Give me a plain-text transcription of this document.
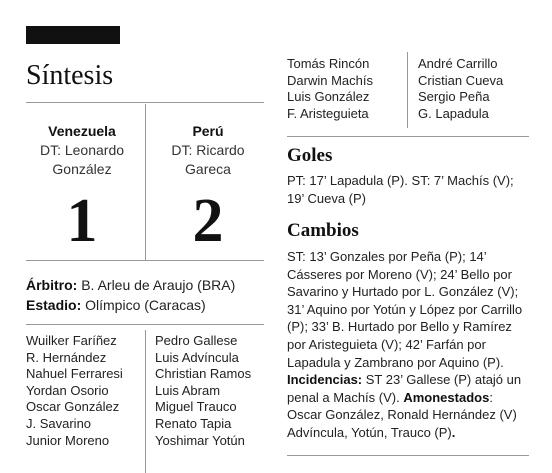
Síntesis
Venezuela
DT: Leonardo
González
Perú
DT: Ricardo
Gareca
1	2
Árbitro: B. Arleu de Araujo (BRA)
Estadio: Olímpico (Caracas)
Wuilker Faríñez
R. Hernández
Nahuel Ferraresi
Yordan Osorio
Oscar González
J. Savarino
Junior Moreno
Pedro Gallese
Luis Advíncula
Christian Ramos
Luis Abram
Miguel Trauco
Renato Tapia
Yoshimar Yotún
Tomás Rincón
Darwin Machís
Luis González
F. Aristeguieta
André Carrillo
Cristian Cueva
Sergio Peña
G. Lapadula
Goles
PT: 17’ Lapadula (P). ST: 7’ Machís (V); 19’ Cueva (P)
Cambios
ST: 13’ Gonzales por Peña (P); 14’ Cásseres por Moreno (V); 24’ Bello por Savarino y Hurtado por L. González (V); 31’ Aquino por Yotún y López por Carrillo (P); 33’ B. Hurtado por Bello y Ramírez por Aristeguieta (V); 42’ Farfán por Lapadula y Zambrano por Aquino (P). Incidencias: ST 23’ Gallese (P) atajó un penal a Machís (V). Amonestados: Oscar González, Ronald Hernández (V) Advíncula, Yotún, Trauco (P).
